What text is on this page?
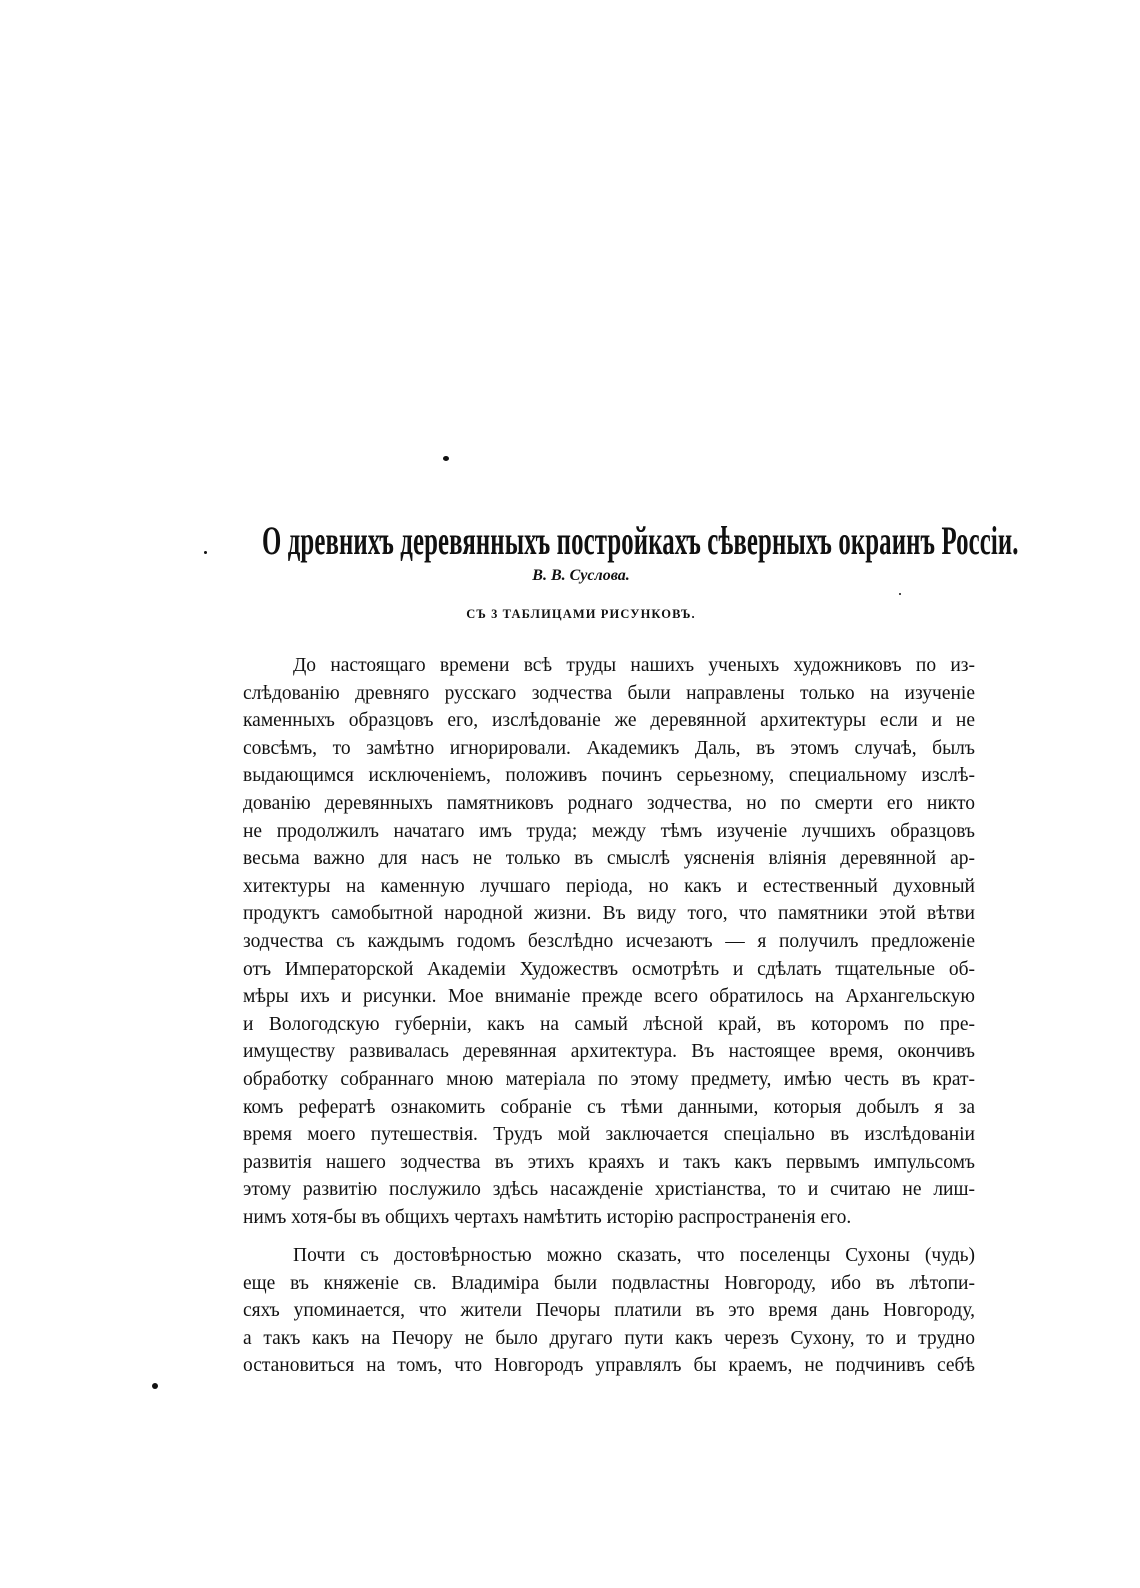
О древнихъ деревянныхъ постройкахъ сѣверныхъ окраинъ Россіи.
В. В. Суслова.
СЪ 3 ТАБЛИЦАМИ РИСУНКОВЪ.
До настоящаго времени всѣ труды нашихъ ученыхъ художниковъ по из-
слѣдованію древняго русскаго зодчества были направлены только на изученіе
каменныхъ образцовъ его, изслѣдованіе же деревянной архитектуры если и не
совсѣмъ, то замѣтно игнорировали. Академикъ Даль, въ этомъ случаѣ, былъ
выдающимся исключеніемъ, положивъ починъ серьезному, специальному изслѣ-
дованію деревянныхъ памятниковъ роднаго зодчества, но по смерти его никто
не продолжилъ начатаго имъ труда; между тѣмъ изученіе лучшихъ образцовъ
весьма важно для насъ не только въ смыслѣ уясненія вліянія деревянной ар-
хитектуры на каменную лучшаго періода, но какъ и естественный духовный
продуктъ самобытной народной жизни. Въ виду того, что памятники этой вѣтви
зодчества съ каждымъ годомъ безслѣдно исчезаютъ — я получилъ предложеніе
отъ Императорской Академіи Художествъ осмотрѣть и сдѣлать тщательные об-
мѣры ихъ и рисунки. Мое вниманіе прежде всего обратилось на Архангельскую
и Вологодскую губерніи, какъ на самый лѣсной край, въ которомъ по пре-
имуществу развивалась деревянная архитектура. Въ настоящее время, окончивъ
обработку собраннаго мною матеріала по этому предмету, имѣю честь въ крат-
комъ рефератѣ ознакомить собраніе съ тѣми данными, которыя добылъ я за
время моего путешествія. Трудъ мой заключается спеціально въ изслѣдованіи
развитія нашего зодчества въ этихъ краяхъ и такъ какъ первымъ импульсомъ
этому развитію послужило здѣсь насажденіе христіанства, то и считаю не лиш-
нимъ хотя-бы въ общихъ чертахъ намѣтить исторію распространенія его.
Почти съ достовѣрностью можно сказать, что поселенцы Сухоны (чудь)
еще въ княженіе св. Владиміра были подвластны Новгороду, ибо въ лѣтопи-
сяхъ упоминается, что жители Печоры платили въ это время дань Новгороду,
а такъ какъ на Печору не было другаго пути какъ черезъ Сухону, то и трудно
остановиться на томъ, что Новгородъ управлялъ бы краемъ, не подчинивъ себѣ
